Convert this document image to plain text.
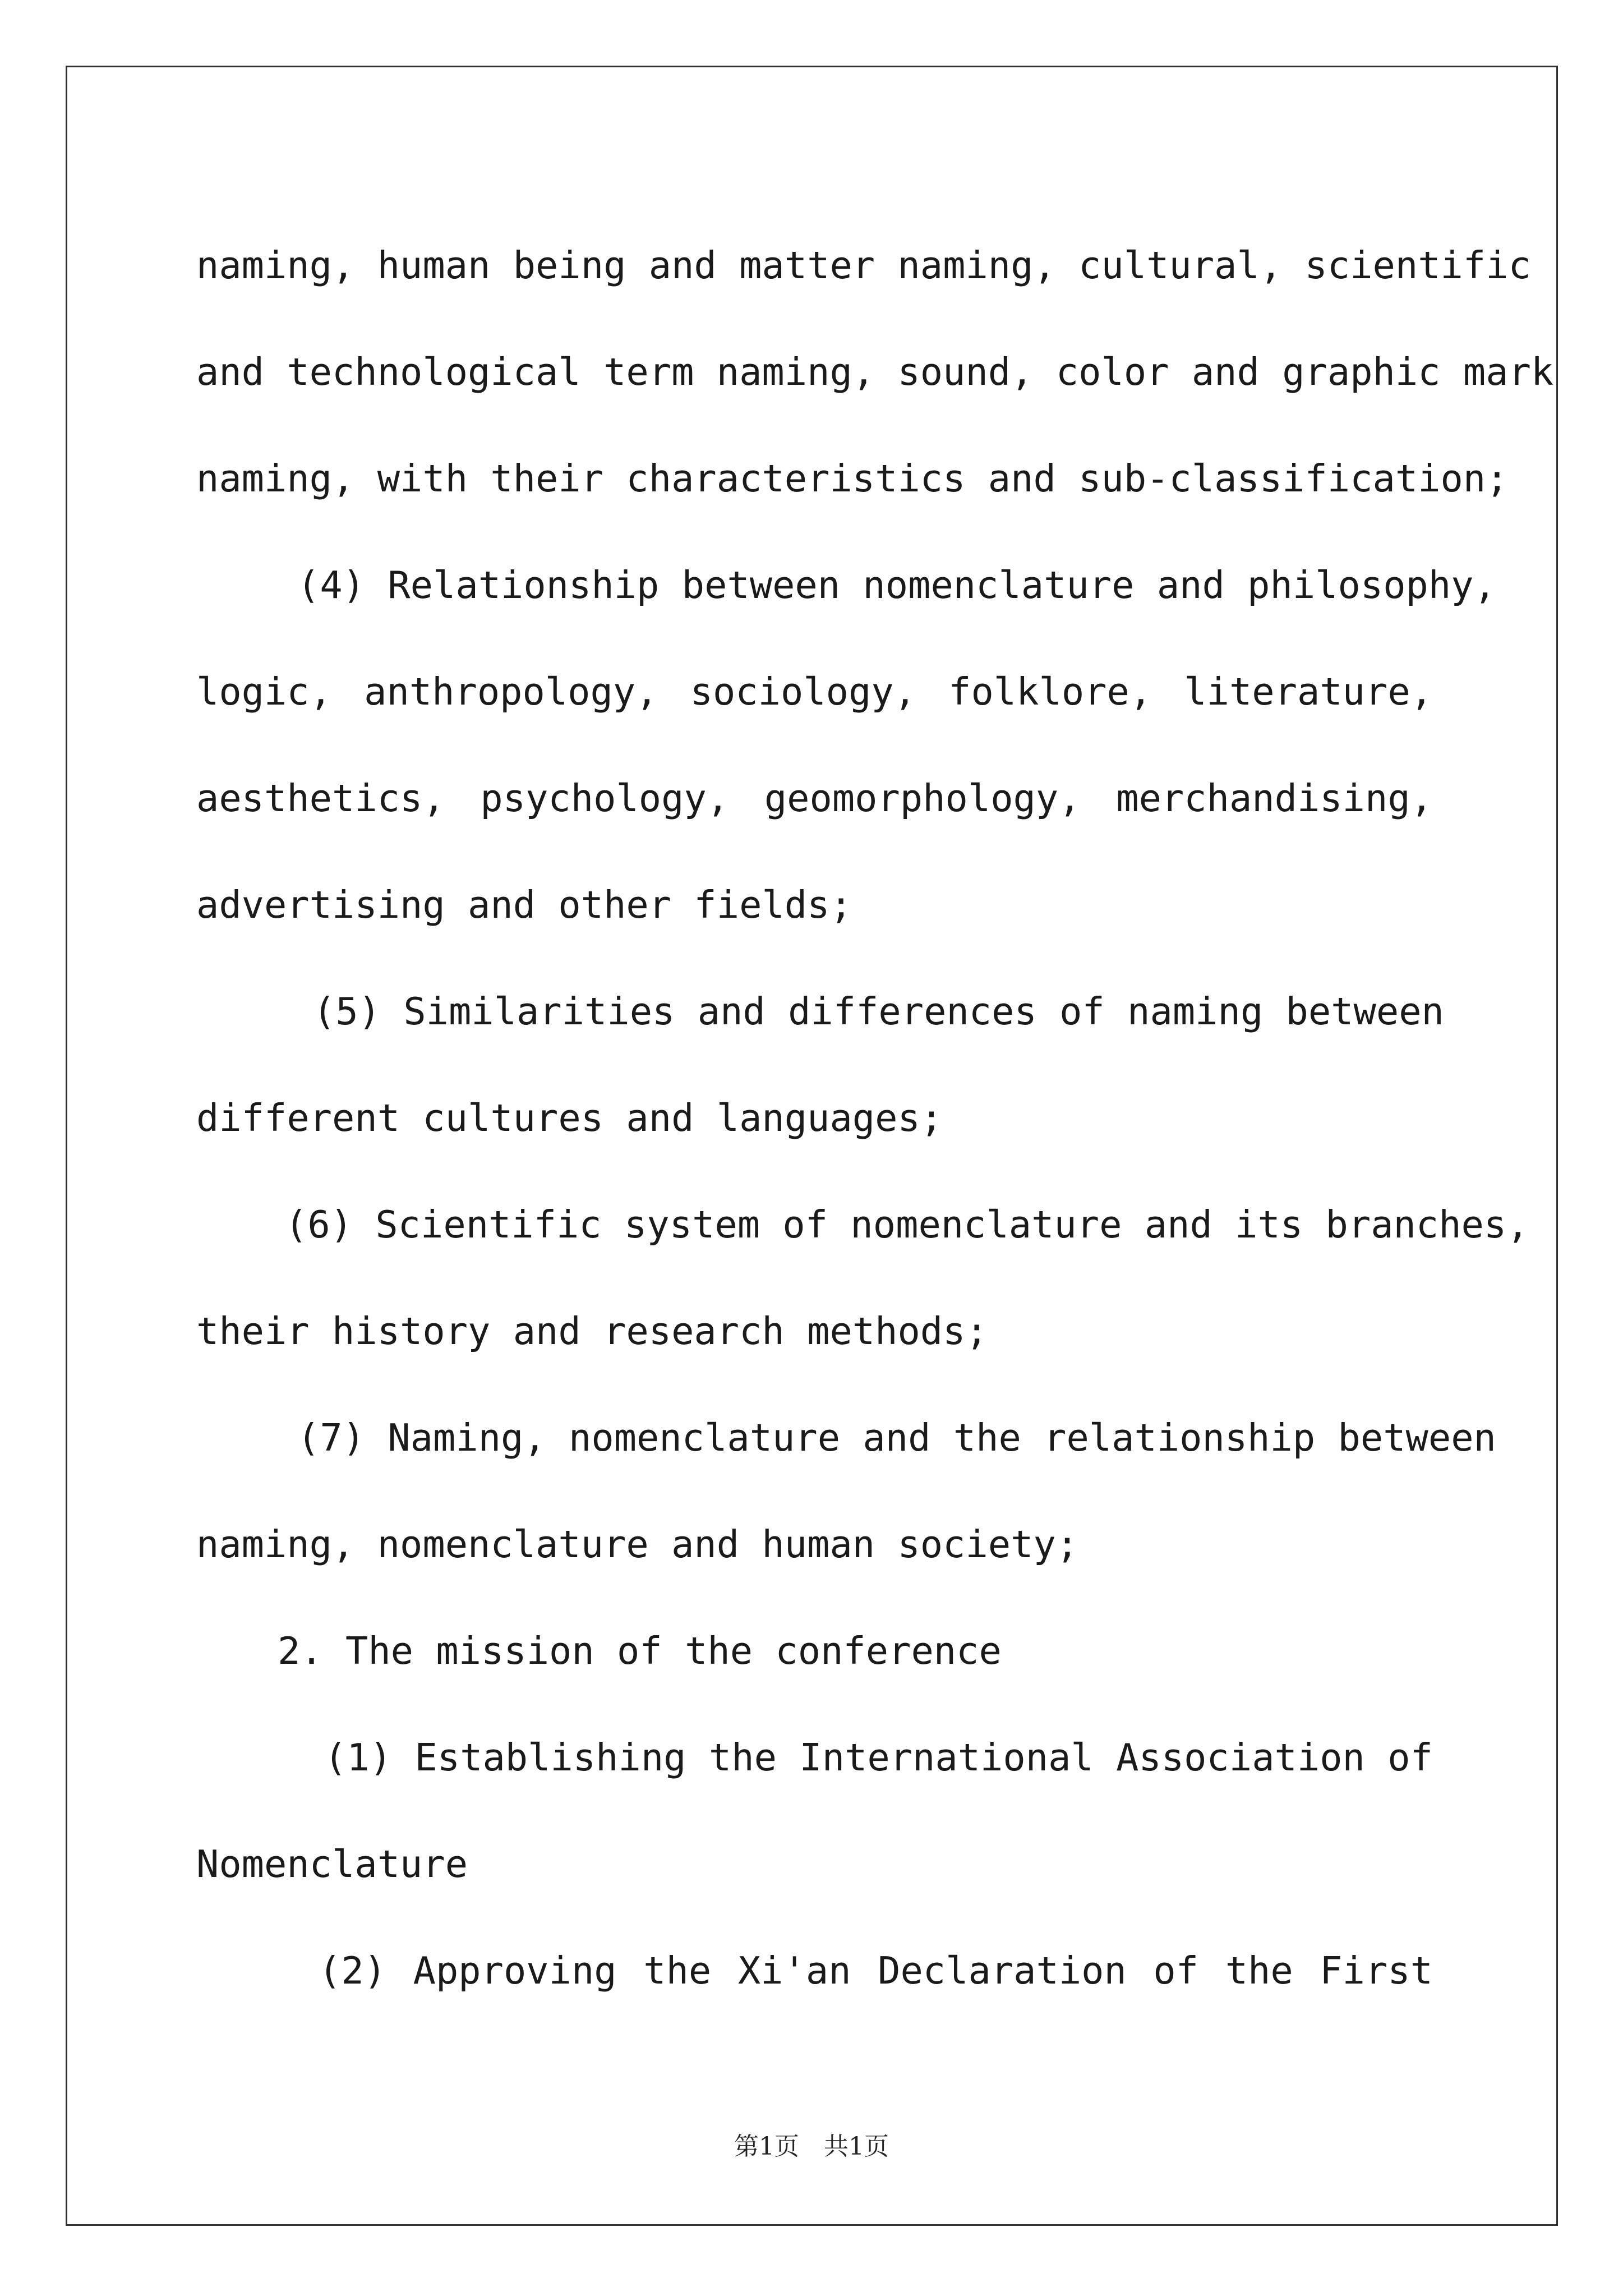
naming, human being and matter naming, cultural, scientific
and technological term naming, sound, color and graphic mark
naming, with their characteristics and sub-classification;
(4) Relationship between nomenclature and philosophy,
logic, anthropology, sociology, folklore, literature,
aesthetics, psychology, geomorphology, merchandising,
advertising and other fields;
(5) Similarities and differences of naming between
different cultures and languages;
(6) Scientific system of nomenclature and its branches,
their history and research methods;
(7) Naming, nomenclature and the relationship between
naming, nomenclature and human society;
2. The mission of the conference
(1) Establishing the International Association of
Nomenclature
(2) Approving the Xi'an Declaration of the First
第1页　共1页
